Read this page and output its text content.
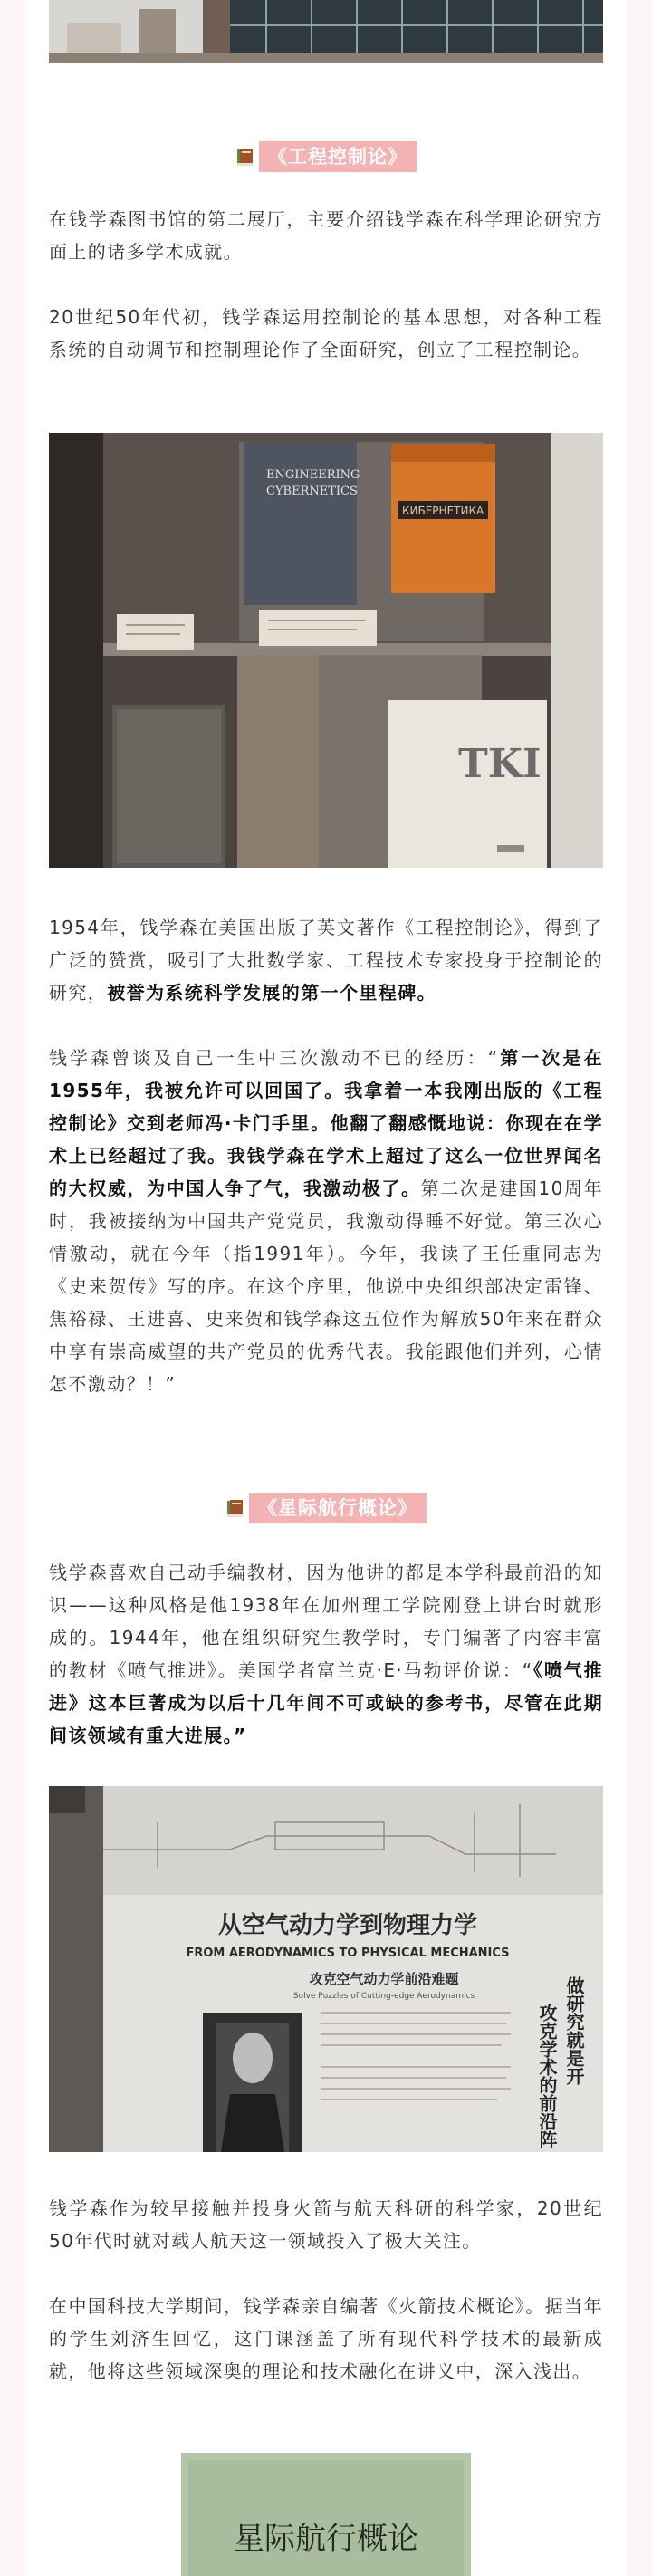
《工程控制论》

在钱学森图书馆的第二展厅，主要介绍钱学森在科学理论研究方面上的诸多学术成就。

20世纪50年代初，钱学森运用控制论的基本思想，对各种工程系统的自动调节和控制理论作了全面研究，创立了工程控制论。

ENGINEERING
CYBERNETICS
КИБЕРНЕТИКА
TKI

1954年，钱学森在美国出版了英文著作《工程控制论》，得到了广泛的赞赏，吸引了大批数学家、工程技术专家投身于控制论的研究，被誉为系统科学发展的第一个里程碑。

钱学森曾谈及自己一生中三次激动不已的经历：“第一次是在1955年，我被允许可以回国了。我拿着一本我刚出版的《工程控制论》交到老师冯·卡门手里。他翻了翻感慨地说：你现在在学术上已经超过了我。我钱学森在学术上超过了这么一位世界闻名的大权威，为中国人争了气，我激动极了。第二次是建国10周年时，我被接纳为中国共产党党员，我激动得睡不好觉。第三次心情激动，就在今年（指1991年）。今年，我读了王任重同志为《史来贺传》写的序。在这个序里，他说中央组织部决定雷锋、焦裕禄、王进喜、史来贺和钱学森这五位作为解放50年来在群众中享有崇高威望的共产党员的优秀代表。我能跟他们并列，心情怎不激动？！”

《星际航行概论》

钱学森喜欢自己动手编教材，因为他讲的都是本学科最前沿的知识——这种风格是他1938年在加州理工学院刚登上讲台时就形成的。1944年，他在组织研究生教学时，专门编著了内容丰富的教材《喷气推进》。美国学者富兰克·E·马勃评价说：“《喷气推进》这本巨著成为以后十几年间不可或缺的参考书，尽管在此期间该领域有重大进展。”

从空气动力学到物理力学
FROM AERODYNAMICS TO PHYSICAL MECHANICS
攻克空气动力学前沿难题
Solve Puzzles of Cutting-edge Aerodynamics
攻克学术的前沿阵 做研究就是开

钱学森作为较早接触并投身火箭与航天科研的科学家，20世纪50年代时就对载人航天这一领域投入了极大关注。

在中国科技大学期间，钱学森亲自编著《火箭技术概论》。据当年的学生刘济生回忆，这门课涵盖了所有现代科学技术的最新成就，他将这些领域深奥的理论和技术融化在讲义中，深入浅出。

星际航行概论
